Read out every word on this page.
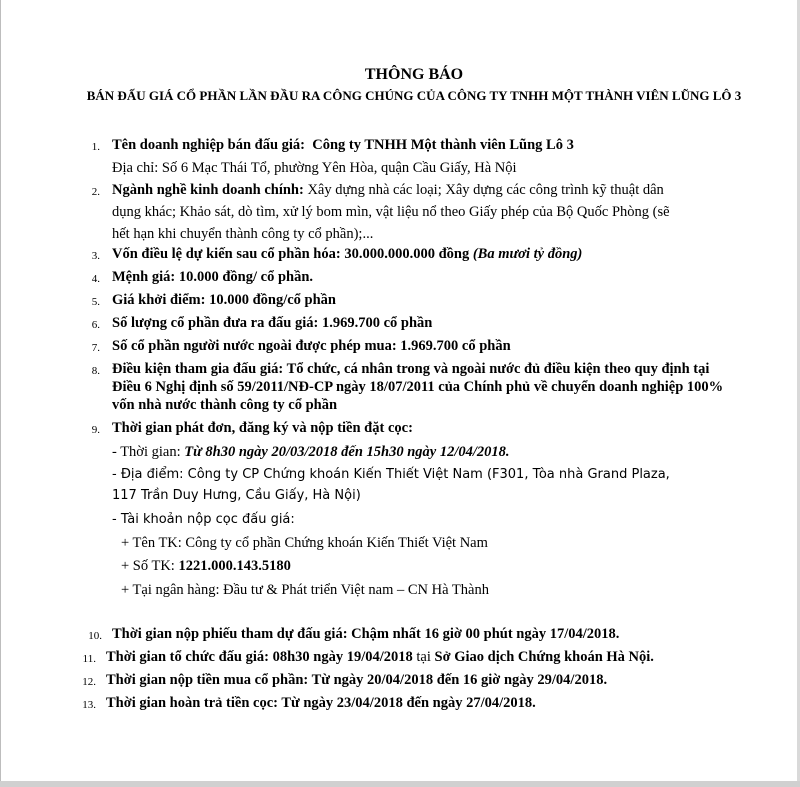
THÔNG BÁO
BÁN ĐẤU GIÁ CỔ PHẦN LẦN ĐẦU RA CÔNG CHÚNG CỦA CÔNG TY TNHH MỘT THÀNH VIÊN LŨNG LÔ 3
1. Tên doanh nghiệp bán đấu giá: Công ty TNHH Một thành viên Lũng Lô 3
Địa chỉ: Số 6 Mạc Thái Tổ, phường Yên Hòa, quận Cầu Giấy, Hà Nội
2. Ngành nghề kinh doanh chính: Xây dựng nhà các loại; Xây dựng các công trình kỹ thuật dân
dụng khác; Khảo sát, dò tìm, xử lý bom mìn, vật liệu nổ theo Giấy phép của Bộ Quốc Phòng (sẽ
hết hạn khi chuyển thành công ty cổ phần);...
3. Vốn điều lệ dự kiến sau cổ phần hóa: 30.000.000.000 đồng (Ba mươi tỷ đồng)
4. Mệnh giá: 10.000 đồng/ cổ phần.
5. Giá khởi điểm: 10.000 đồng/cổ phần
6. Số lượng cổ phần đưa ra đấu giá: 1.969.700 cổ phần
7. Số cổ phần người nước ngoài được phép mua: 1.969.700 cổ phần
8. Điều kiện tham gia đấu giá: Tổ chức, cá nhân trong và ngoài nước đủ điều kiện theo quy định tại
Điều 6 Nghị định số 59/2011/NĐ-CP ngày 18/07/2011 của Chính phủ về chuyển doanh nghiệp 100%
vốn nhà nước thành công ty cổ phần
9. Thời gian phát đơn, đăng ký và nộp tiền đặt cọc:
- Thời gian: Từ 8h30 ngày 20/03/2018 đến 15h30 ngày 12/04/2018.
- Địa điểm: Công ty CP Chứng khoán Kiến Thiết Việt Nam (F301, Tòa nhà Grand Plaza,
117 Trần Duy Hưng, Cầu Giấy, Hà Nội)
- Tài khoản nộp cọc đấu giá:
+ Tên TK: Công ty cổ phần Chứng khoán Kiến Thiết Việt Nam
+ Số TK: 1221.000.143.5180
+ Tại ngân hàng: Đầu tư & Phát triển Việt nam – CN Hà Thành
10. Thời gian nộp phiếu tham dự đấu giá: Chậm nhất 16 giờ 00 phút ngày 17/04/2018.
11. Thời gian tổ chức đấu giá: 08h30 ngày 19/04/2018 tại Sở Giao dịch Chứng khoán Hà Nội.
12. Thời gian nộp tiền mua cổ phần: Từ ngày 20/04/2018 đến 16 giờ ngày 29/04/2018.
13. Thời gian hoàn trả tiền cọc: Từ ngày 23/04/2018 đến ngày 27/04/2018.
